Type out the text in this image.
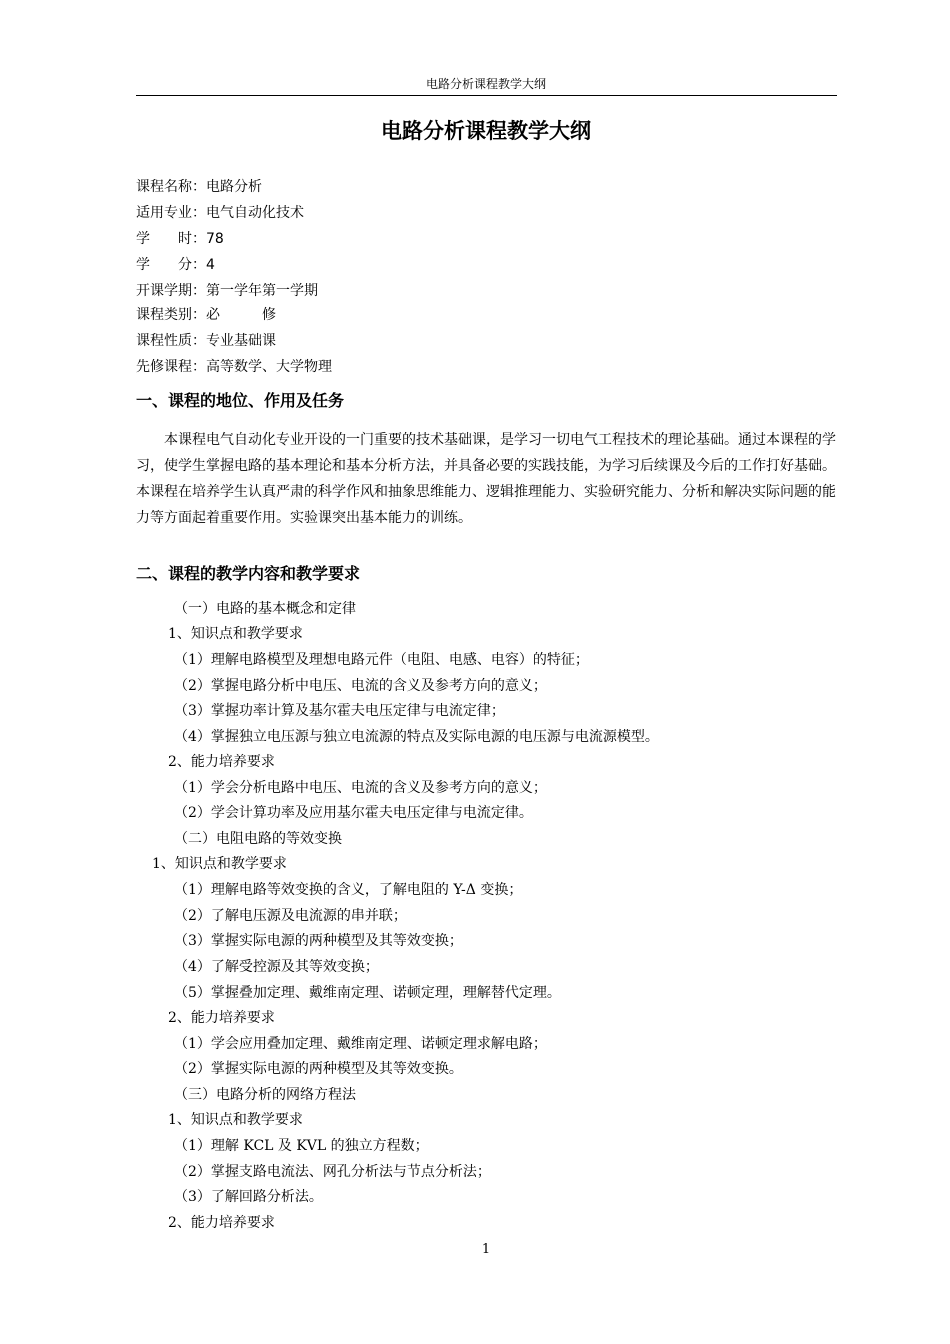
电路分析课程教学大纲
电路分析课程教学大纲
课程名称：电路分析
适用专业：电气自动化技术
学　　时：78
学　　分：4
开课学期：第一学年第一学期
课程类别：必　　　修
课程性质：专业基础课
先修课程：高等数学、大学物理
一、课程的地位、作用及任务
本课程电气自动化专业开设的一门重要的技术基础课，是学习一切电气工程技术的理论基础。通过本课程的学习，使学生掌握电路的基本理论和基本分析方法，并具备必要的实践技能，为学习后续课及今后的工作打好基础。本课程在培养学生认真严肃的科学作风和抽象思维能力、逻辑推理能力、实验研究能力、分析和解决实际问题的能力等方面起着重要作用。实验课突出基本能力的训练。
二、课程的教学内容和教学要求
（一）电路的基本概念和定律
1、知识点和教学要求
（1）理解电路模型及理想电路元件（电阻、电感、电容）的特征；
（2）掌握电路分析中电压、电流的含义及参考方向的意义；
（3）掌握功率计算及基尔霍夫电压定律与电流定律；
（4）掌握独立电压源与独立电流源的特点及实际电源的电压源与电流源模型。
2、能力培养要求
（1）学会分析电路中电压、电流的含义及参考方向的意义；
（2）学会计算功率及应用基尔霍夫电压定律与电流定律。
（二）电阻电路的等效变换
1、知识点和教学要求
（1）理解电路等效变换的含义，了解电阻的 Y-Δ 变换；
（2）了解电压源及电流源的串并联；
（3）掌握实际电源的两种模型及其等效变换；
（4）了解受控源及其等效变换；
（5）掌握叠加定理、戴维南定理、诺顿定理，理解替代定理。
2、能力培养要求
（1）学会应用叠加定理、戴维南定理、诺顿定理求解电路；
（2）掌握实际电源的两种模型及其等效变换。
（三）电路分析的网络方程法
1、知识点和教学要求
（1）理解 KCL 及 KVL 的独立方程数；
（2）掌握支路电流法、网孔分析法与节点分析法；
（3）了解回路分析法。
2、能力培养要求
1
